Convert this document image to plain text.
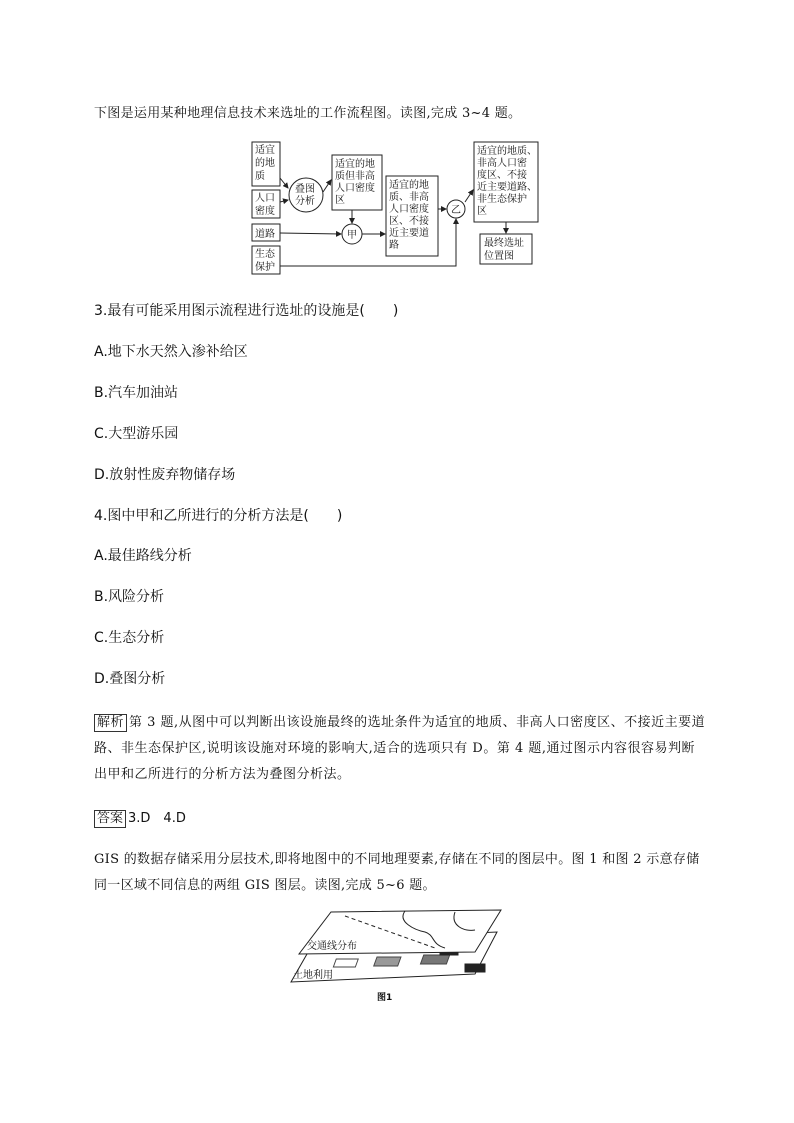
下图是运用某种地理信息技术来选址的工作流程图。读图,完成 3~4 题。
适宜
的地
质
人口
密度
道路
生态
保护
叠图
分析
适宜的地
质但非高
人口密度
区
甲
适宜的地
质、非高
人口密度
区、不接
近主要道
路
乙
适宜的地质、
非高人口密
度区、不接
近主要道路、
非生态保护
区
最终选址
位置图
3.最有可能采用图示流程进行选址的设施是(　　)
A.地下水天然入渗补给区
B.汽车加油站
C.大型游乐园
D.放射性废弃物储存场
4.图中甲和乙所进行的分析方法是(　　)
A.最佳路线分析
B.风险分析
C.生态分析
D.叠图分析
解析 第 3 题,从图中可以判断出该设施最终的选址条件为适宜的地质、非高人口密度区、不接近主要道路、非生态保护区,说明该设施对环境的影响大,适合的选项只有 D。第 4 题,通过图示内容很容易判断出甲和乙所进行的分析方法为叠图分析法。
答案 3.D　4.D
GIS 的数据存储采用分层技术,即将地图中的不同地理要素,存储在不同的图层中。图 1 和图 2 示意存储同一区域不同信息的两组 GIS 图层。读图,完成 5~6 题。
交通线分布
土地利用
图1
